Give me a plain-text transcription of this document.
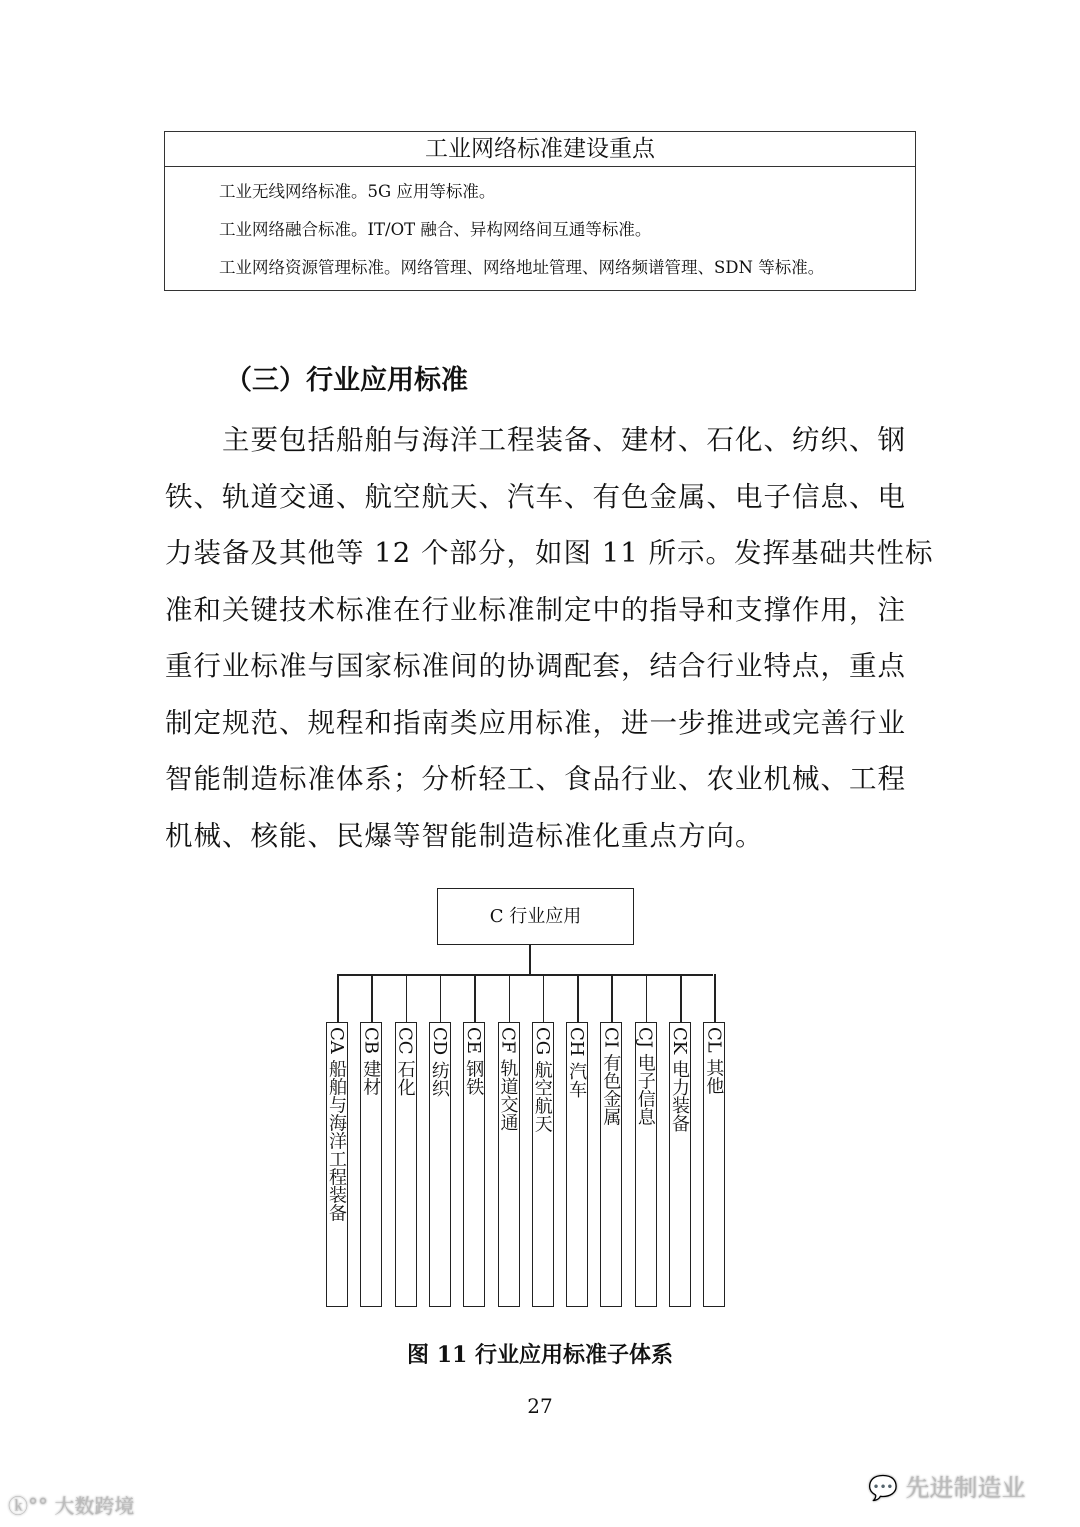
工业网络标准建设重点
工业无线网络标准。5G 应用等标准。
工业网络融合标准。IT/OT 融合、异构网络间互通等标准。
工业网络资源管理标准。网络管理、网络地址管理、网络频谱管理、SDN 等标准。
（三）行业应用标准
主要包括船舶与海洋工程装备、建材、石化、纺织、钢
铁、轨道交通、航空航天、汽车、有色金属、电子信息、电
力装备及其他等 12 个部分，如图 11 所示。发挥基础共性标
准和关键技术标准在行业标准制定中的指导和支撑作用，注
重行业标准与国家标准间的协调配套，结合行业特点，重点
制定规范、规程和指南类应用标准，进一步推进或完善行业
智能制造标准体系；分析轻工、食品行业、农业机械、工程
机械、核能、民爆等智能制造标准化重点方向。
C 行业应用
CA 船舶与海洋工程装备 CB 建材 CC 石化 CD 纺织 CE 钢铁 CF 轨道交通 CG 航空航天 CH 汽车 CI 有色金属 CJ 电子信息 CK 电力装备 CL 其他
图 11 行业应用标准子体系
27
ⓚ°° 大数跨境
💬 先进制造业
